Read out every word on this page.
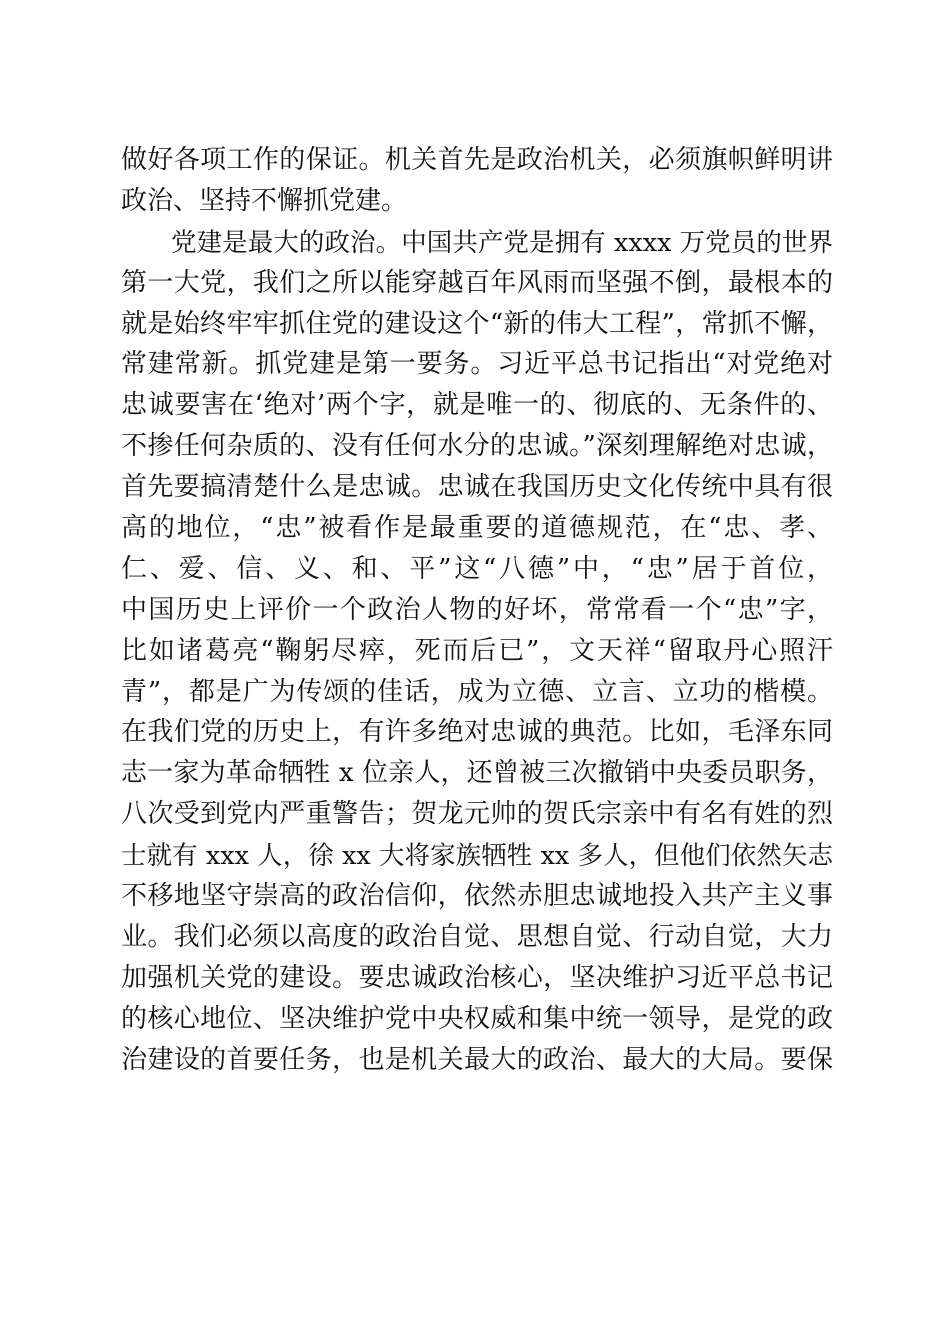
做好各项工作的保证。机关首先是政治机关，必须旗帜鲜明讲
政治、坚持不懈抓党建。
党建是最大的政治。中国共产党是拥有 xxxx 万党员的世界
第一大党，我们之所以能穿越百年风雨而坚强不倒，最根本的
就是始终牢牢抓住党的建设这个“新的伟大工程”，常抓不懈，
常建常新。抓党建是第一要务。习近平总书记指出“对党绝对
忠诚要害在‘绝对’两个字，就是唯一的、彻底的、无条件的、
不掺任何杂质的、没有任何水分的忠诚。”深刻理解绝对忠诚，
首先要搞清楚什么是忠诚。忠诚在我国历史文化传统中具有很
高的地位，“忠”被看作是最重要的道德规范，在“忠、孝、
仁、爱、信、义、和、平”这“八德”中，“忠”居于首位，
中国历史上评价一个政治人物的好坏，常常看一个“忠”字，
比如诸葛亮“鞠躬尽瘁，死而后已”，文天祥“留取丹心照汗
青”，都是广为传颂的佳话，成为立德、立言、立功的楷模。
在我们党的历史上，有许多绝对忠诚的典范。比如，毛泽东同
志一家为革命牺牲 x 位亲人，还曾被三次撤销中央委员职务，
八次受到党内严重警告；贺龙元帅的贺氏宗亲中有名有姓的烈
士就有 xxx 人，徐 xx 大将家族牺牲 xx 多人，但他们依然矢志
不移地坚守崇高的政治信仰，依然赤胆忠诚地投入共产主义事
业。我们必须以高度的政治自觉、思想自觉、行动自觉，大力
加强机关党的建设。要忠诚政治核心，坚决维护习近平总书记
的核心地位、坚决维护党中央权威和集中统一领导，是党的政
治建设的首要任务，也是机关最大的政治、最大的大局。要保
